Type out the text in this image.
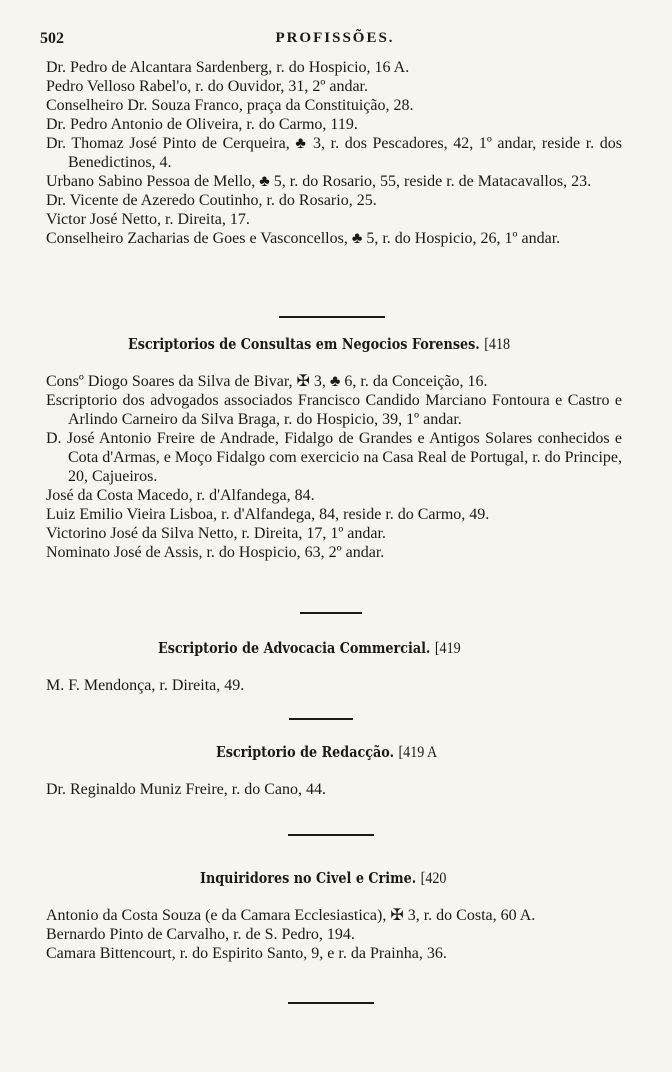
502	PROFISSÕES.
Dr. Pedro de Alcantara Sardenberg, r. do Hospicio, 16 A.
Pedro Velloso Rabel'o, r. do Ouvidor, 31, 2º andar.
Conselheiro Dr. Souza Franco, praça da Constituição, 28.
Dr. Pedro Antonio de Oliveira, r. do Carmo, 119.
Dr. Thomaz José Pinto de Cerqueira, ♣ 3, r. dos Pescadores, 42, 1º andar, reside r. dos Benedictinos, 4.
Urbano Sabino Pessoa de Mello, ♣ 5, r. do Rosario, 55, reside r. de Matacavallos, 23.
Dr. Vicente de Azeredo Coutinho, r. do Rosario, 25.
Victor José Netto, r. Direita, 17.
Conselheiro Zacharias de Goes e Vasconcellos, ♣ 5, r. do Hospicio, 26, 1º andar.
Escriptorios de Consultas em Negocios Forenses. [418
Consº Diogo Soares da Silva de Bivar, ✠ 3, ♣ 6, r. da Conceição, 16.
Escriptorio dos advogados associados Francisco Candido Marciano Fontoura e Castro e Arlindo Carneiro da Silva Braga, r. do Hospicio, 39, 1º andar.
D. José Antonio Freire de Andrade, Fidalgo de Grandes e Antigos Solares conhecidos e Cota d'Armas, e Moço Fidalgo com exercicio na Casa Real de Portugal, r. do Principe, 20, Cajueiros.
José da Costa Macedo, r. d'Alfandega, 84.
Luiz Emilio Vieira Lisboa, r. d'Alfandega, 84, reside r. do Carmo, 49.
Victorino José da Silva Netto, r. Direita, 17, 1º andar.
Nominato José de Assis, r. do Hospicio, 63, 2º andar.
Escriptorio de Advocacia Commercial. [419
M. F. Mendonça, r. Direita, 49.
Escriptorio de Redacção. [419 A
Dr. Reginaldo Muniz Freire, r. do Cano, 44.
Inquiridores no Civel e Crime. [420
Antonio da Costa Souza (e da Camara Ecclesiastica), ✠ 3, r. do Costa, 60 A.
Bernardo Pinto de Carvalho, r. de S. Pedro, 194.
Camara Bittencourt, r. do Espirito Santo, 9, e r. da Prainha, 36.
